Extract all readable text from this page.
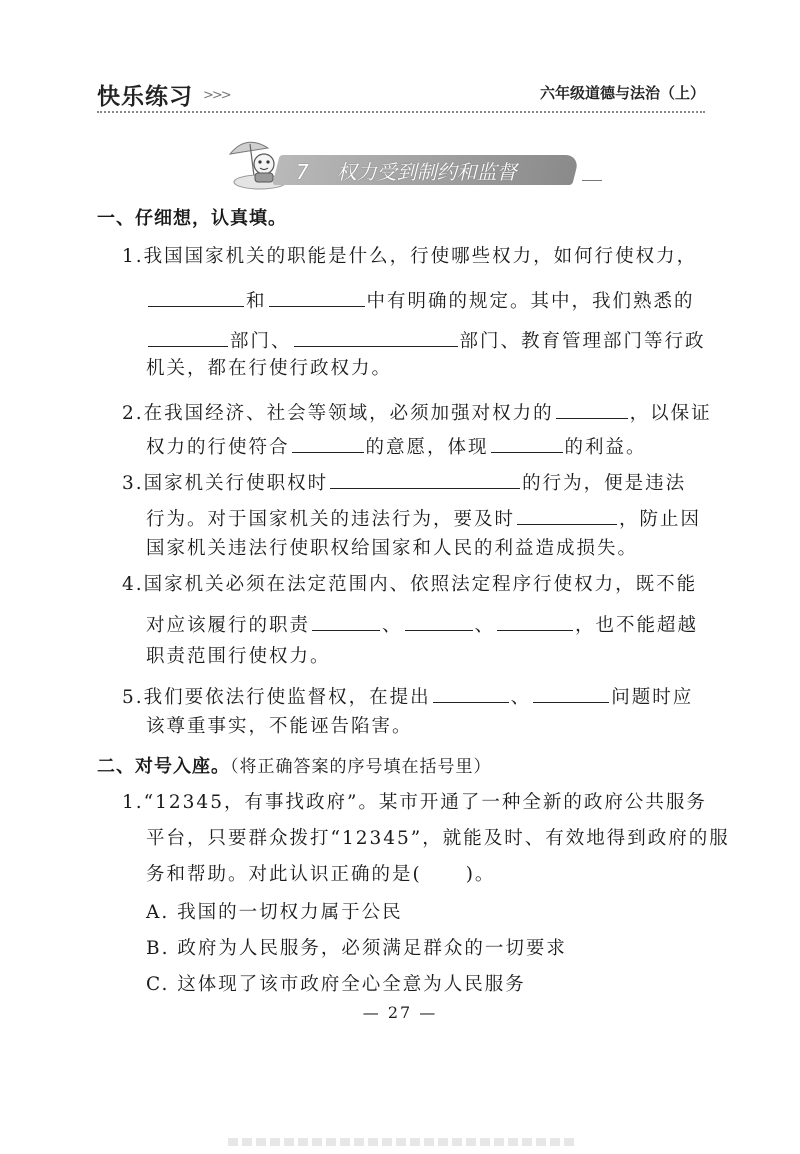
快乐练习 >>>	六年级道德与法治（上）
7 权力受到制约和监督
一、仔细想，认真填。
1.我国国家机关的职能是什么，行使哪些权力，如何行使权力，
和	中有明确的规定。其中，我们熟悉的
部门、	部门、教育管理部门等行政
机关，都在行使行政权力。
2.在我国经济、社会等领域，必须加强对权力的	，以保证
权力的行使符合	的意愿，体现	的利益。
3.国家机关行使职权时	的行为，便是违法
行为。对于国家机关的违法行为，要及时	，防止因
国家机关违法行使职权给国家和人民的利益造成损失。
4.国家机关必须在法定范围内、依照法定程序行使权力，既不能
对应该履行的职责	、	、	，也不能超越
职责范围行使权力。
5.我们要依法行使监督权，在提出	、	问题时应
该尊重事实，不能诬告陷害。
二、对号入座。（将正确答案的序号填在括号里）
1.“12345，有事找政府”。某市开通了一种全新的政府公共服务
平台，只要群众拨打“12345”，就能及时、有效地得到政府的服
务和帮助。对此认识正确的是( )。
A. 我国的一切权力属于公民
B. 政府为人民服务，必须满足群众的一切要求
C. 这体现了该市政府全心全意为人民服务
— 27 —
